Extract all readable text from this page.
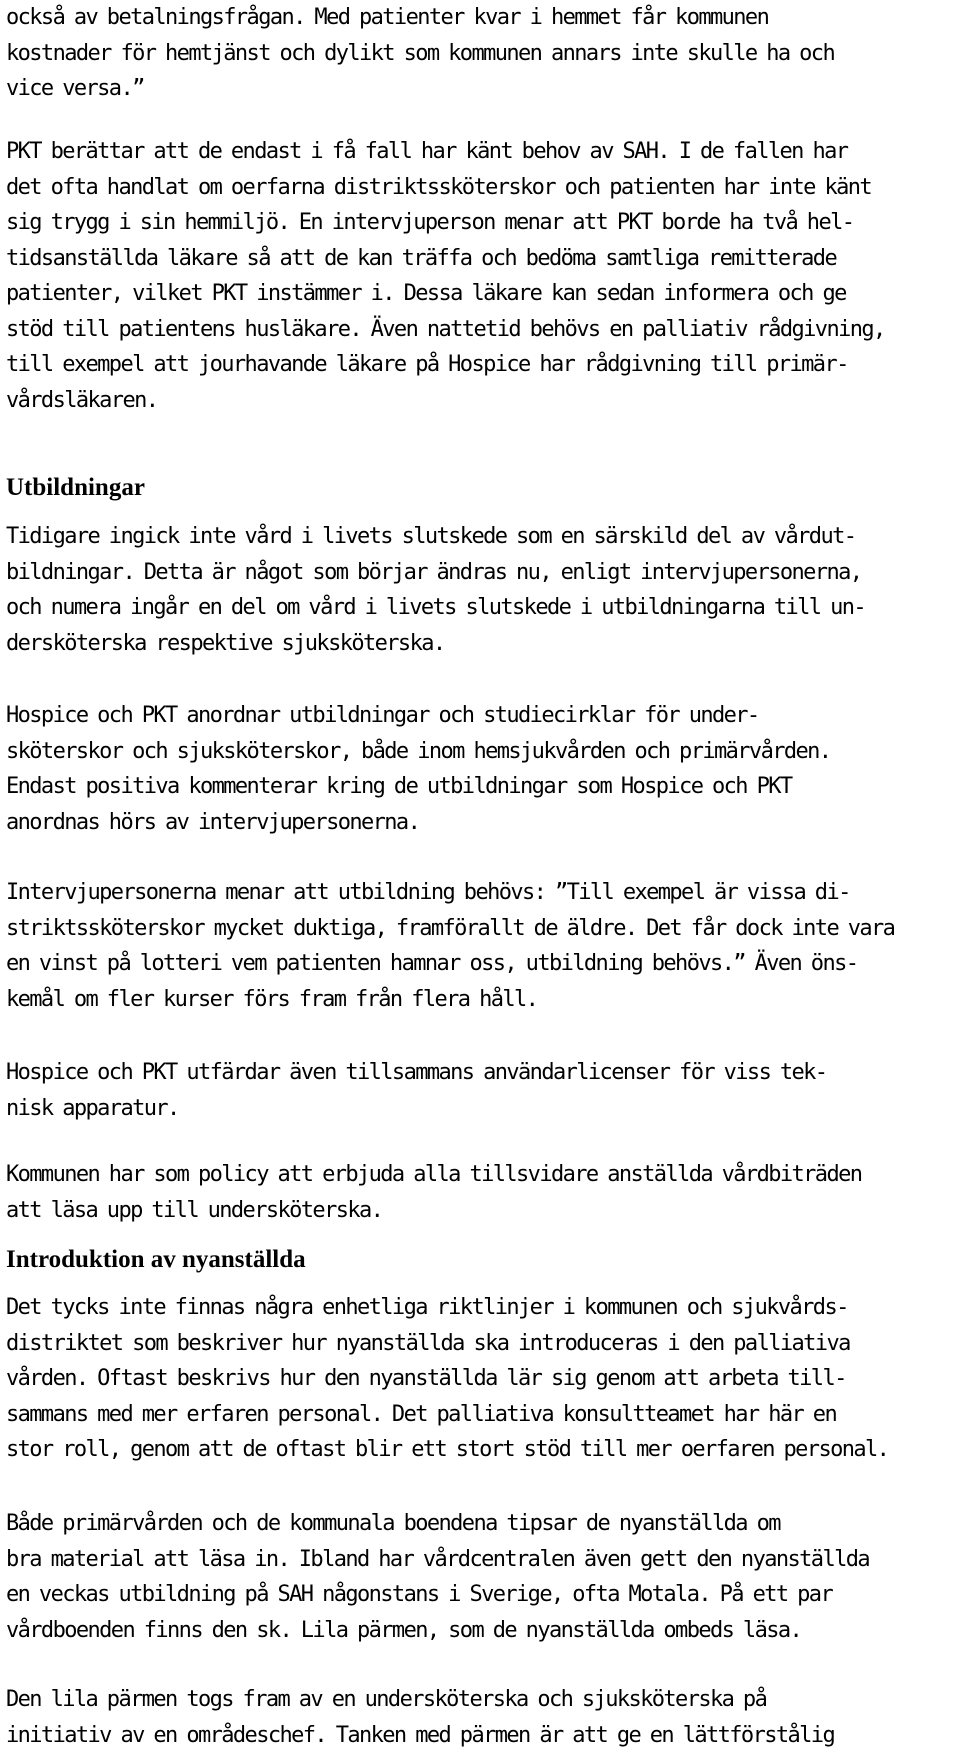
också av betalningsfrågan. Med patienter kvar i hemmet får kommunen
kostnader för hemtjänst och dylikt som kommunen annars inte skulle ha och
vice versa.”

PKT berättar att de endast i få fall har känt behov av SAH. I de fallen har
det ofta handlat om oerfarna distriktssköterskor och patienten har inte känt
sig trygg i sin hemmiljö. En intervjuperson menar att PKT borde ha två hel-
tidsanställda läkare så att de kan träffa och bedöma samtliga remitterade
patienter, vilket PKT instämmer i. Dessa läkare kan sedan informera och ge
stöd till patientens husläkare. Även nattetid behövs en palliativ rådgivning,
till exempel att jourhavande läkare på Hospice har rådgivning till primär-
vårdsläkaren.

Utbildningar

Tidigare ingick inte vård i livets slutskede som en särskild del av vårdut-
bildningar. Detta är något som börjar ändras nu, enligt intervjupersonerna,
och numera ingår en del om vård i livets slutskede i utbildningarna till un-
dersköterska respektive sjuksköterska.

Hospice och PKT anordnar utbildningar och studiecirklar för under-
sköterskor och sjuksköterskor, både inom hemsjukvården och primärvården.
Endast positiva kommenterar kring de utbildningar som Hospice och PKT
anordnas hörs av intervjupersonerna.

Intervjupersonerna menar att utbildning behövs: ”Till exempel är vissa di-
striktssköterskor mycket duktiga, framförallt de äldre. Det får dock inte vara
en vinst på lotteri vem patienten hamnar oss, utbildning behövs.” Även öns-
kemål om fler kurser förs fram från flera håll.

Hospice och PKT utfärdar även tillsammans användarlicenser för viss tek-
nisk apparatur.

Kommunen har som policy att erbjuda alla tillsvidare anställda vårdbiträden
att läsa upp till undersköterska.

Introduktion av nyanställda

Det tycks inte finnas några enhetliga riktlinjer i kommunen och sjukvårds-
distriktet som beskriver hur nyanställda ska introduceras i den palliativa
vården. Oftast beskrivs hur den nyanställda lär sig genom att arbeta till-
sammans med mer erfaren personal. Det palliativa konsultteamet har här en
stor roll, genom att de oftast blir ett stort stöd till mer oerfaren personal.

Både primärvården och de kommunala boendena tipsar de nyanställda om
bra material att läsa in. Ibland har vårdcentralen även gett den nyanställda
en veckas utbildning på SAH någonstans i Sverige, ofta Motala. På ett par
vårdboenden finns den sk. Lila pärmen, som de nyanställda ombeds läsa.

Den lila pärmen togs fram av en undersköterska och sjuksköterska på
initiativ av en områdeschef. Tanken med pärmen är att ge en lättförstålig
